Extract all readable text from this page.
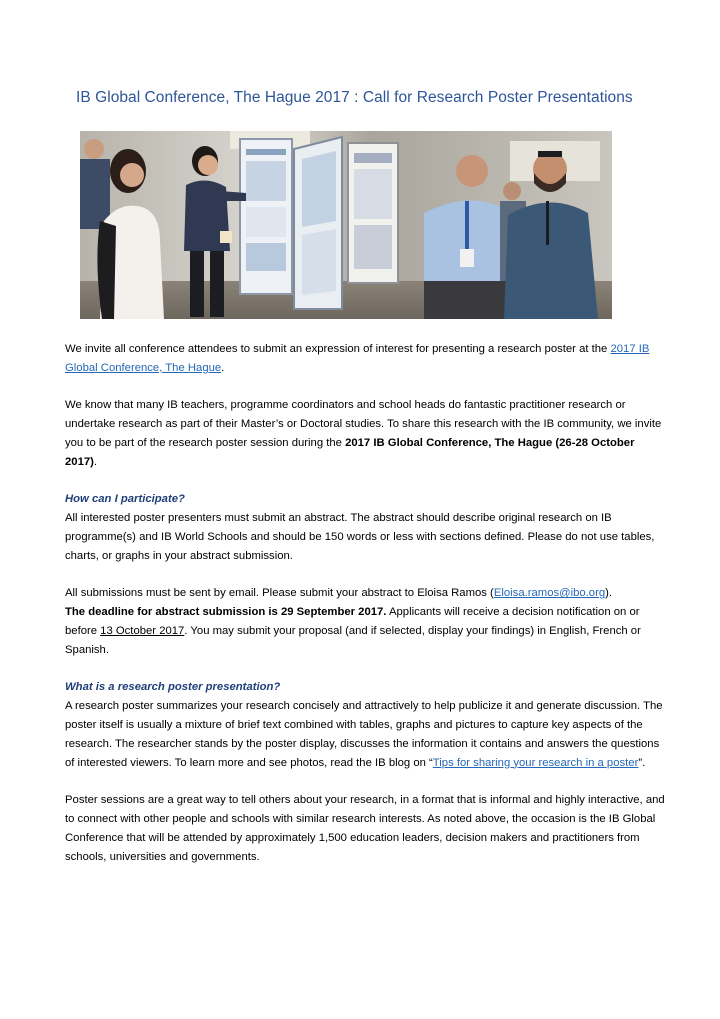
IB Global Conference, The Hague 2017 : Call for Research Poster Presentations

We invite all conference attendees to submit an expression of interest for presenting a research poster at the 2017 IB Global Conference, The Hague.

We know that many IB teachers, programme coordinators and school heads do fantastic practitioner research or undertake research as part of their Master’s or Doctoral studies. To share this research with the IB community, we invite you to be part of the research poster session during the 2017 IB Global Conference, The Hague (26-28 October 2017).

How can I participate?
All interested poster presenters must submit an abstract. The abstract should describe original research on IB programme(s) and IB World Schools and should be 150 words or less with sections defined. Please do not use tables, charts, or graphs in your abstract submission.

All submissions must be sent by email. Please submit your abstract to Eloisa Ramos (Eloisa.ramos@ibo.org).
The deadline for abstract submission is 29 September 2017. Applicants will receive a decision notification on or before 13 October 2017. You may submit your proposal (and if selected, display your findings) in English, French or Spanish.

What is a research poster presentation?
A research poster summarizes your research concisely and attractively to help publicize it and generate discussion. The poster itself is usually a mixture of brief text combined with tables, graphs and pictures to capture key aspects of the research. The researcher stands by the poster display, discusses the information it contains and answers the questions of interested viewers. To learn more and see photos, read the IB blog on “Tips for sharing your research in a poster”.

Poster sessions are a great way to tell others about your research, in a format that is informal and highly interactive, and to connect with other people and schools with similar research interests. As noted above, the occasion is the IB Global Conference that will be attended by approximately 1,500 education leaders, decision makers and practitioners from schools, universities and governments.
